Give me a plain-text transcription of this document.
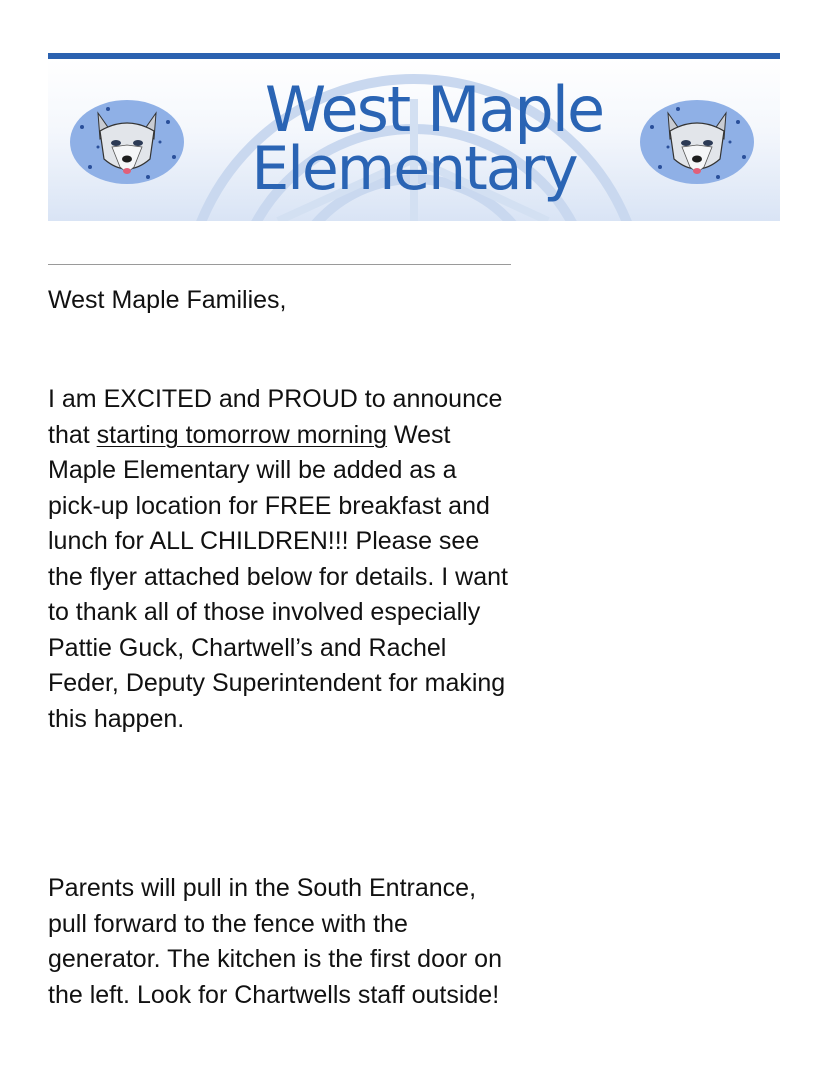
West Maple
Elementary

West Maple Families,

I am EXCITED and PROUD to announce that starting tomorrow morning West Maple Elementary will be added as a pick-up location for FREE breakfast and lunch for ALL CHILDREN!!! Please see the flyer attached below for details. I want to thank all of those involved especially Pattie Guck, Chartwell’s and Rachel Feder, Deputy Superintendent for making this happen.

Parents will pull in the South Entrance, pull forward to the fence with the generator. The kitchen is the first door on the left. Look for Chartwells staff outside!
